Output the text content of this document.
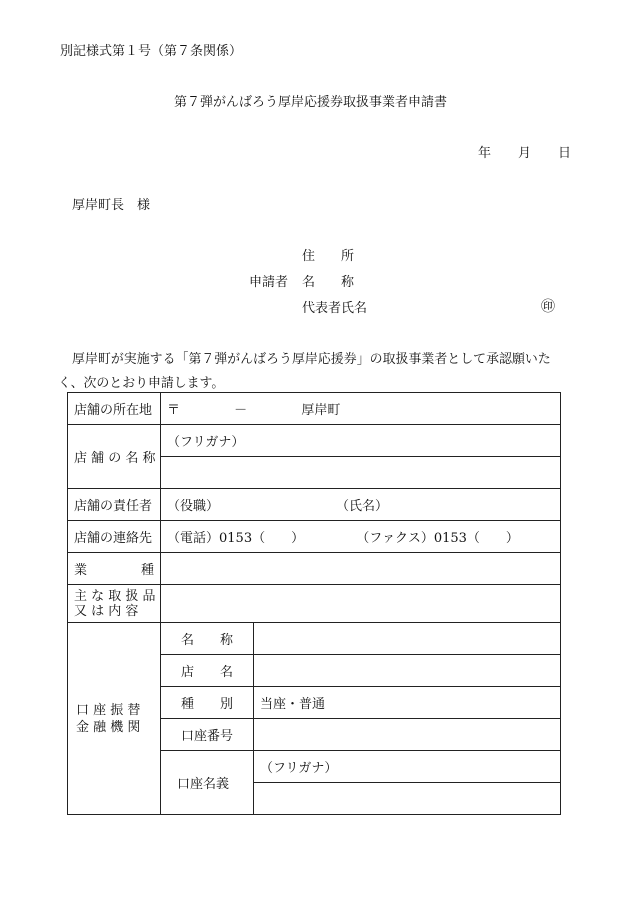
別記様式第１号（第７条関係）
第７弾がんばろう厚岸応援券取扱事業者申請書
年 月 日
厚岸町長　様
住　　所
申請者 名　　称
代表者氏名	㊞
厚岸町が実施する「第７弾がんばろう厚岸応援券」の取扱事業者として承認願いた
く、次のとおり申請します。
店舗の所在地	〒 － 厚岸町	

店 舗 の 名 称	（フリガナ）	

店舗の責任者	（役職） （氏名）	

店舗の連絡先	（電話）0153（　　） （ファクス）0153（　　）	

業 種		

主 な 取 扱 品
又 は 内 容		

口 座 振 替
金 融 機 関	名　　称	
	店　　名	
	種　　別	当座・普通
	口座番号	
	口座名義	（フリガナ）
